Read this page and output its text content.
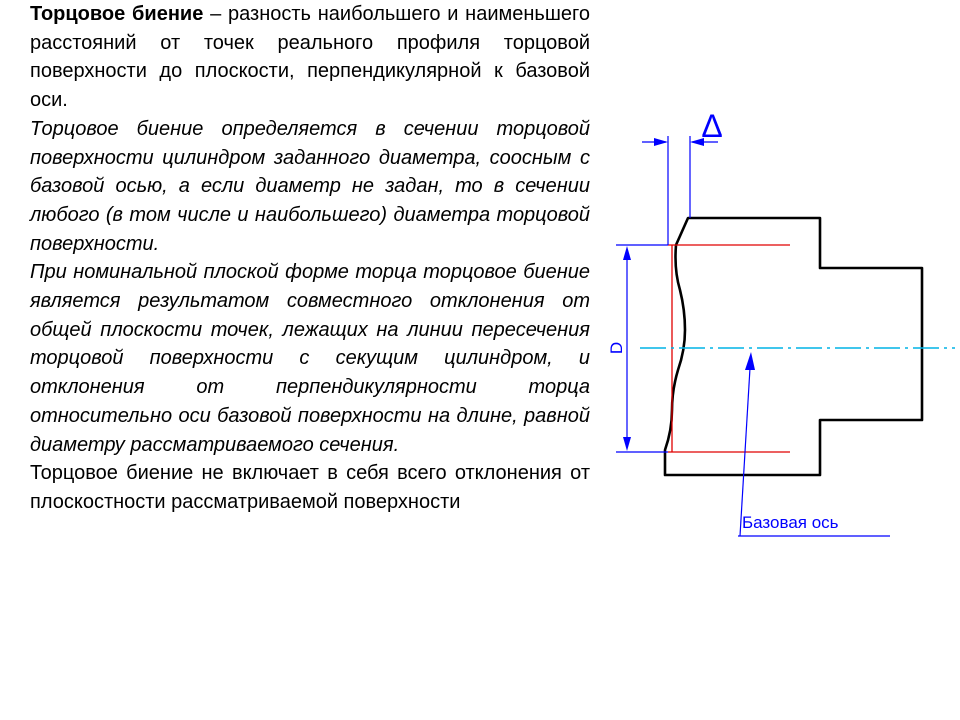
Торцовое биение – разность наибольшего и наименьшего расстояний от точек реального профиля торцовой поверхности до плоскости, перпендикулярной к базовой оси.

Торцовое биение определяется в сечении торцовой поверхности цилиндром заданного диаметра, соосным с базовой осью, а если диаметр не задан, то в сечении любого (в том числе и наибольшего) диаметра торцовой поверхности.

При номинальной плоской форме торца торцовое биение является результатом совместного отклонения от общей плоскости точек, лежащих на линии пересечения торцовой поверхности с секущим цилиндром, и отклонения от перпендикулярности торца относительно оси базовой поверхности на длине, равной диаметру рассматриваемого сечения.

Торцовое биение не включает в себя всего отклонения от плоскостности рассматриваемой поверхности

D
Δ
Базовая ось
